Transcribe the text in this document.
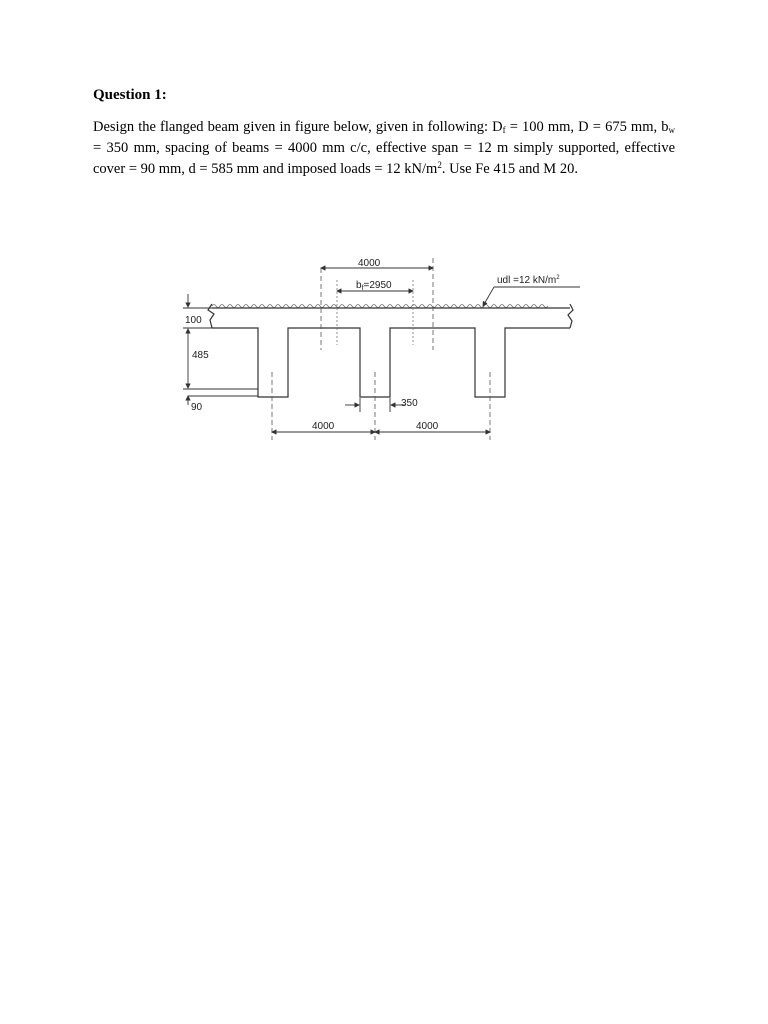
Question 1:
Design the flanged beam given in figure below, given in following: $D_f = 100$ mm, D = 675 mm, $b_w = 350$ mm, spacing of beams = 4000 mm c/c, effective span = 12 m simply supported, effective cover = 90 mm, d = 585 mm and imposed loads = 12 $kN/m^2$. Use Fe 415 and M 20.
4000
$b_f=2950$	udl =12 $kN/m^2$
100
485
90	350
4000	4000
